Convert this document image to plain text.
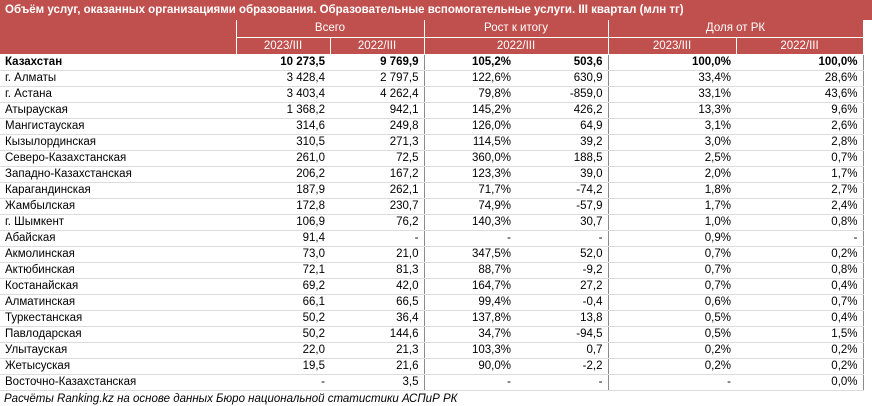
Объём услуг, оказанных организациями образования. Образовательные вспомогательные услуги. III квартал (млн тг)
	Всего		Рост к итогу		Доля от РК	
	2023/III	2022/III	2022/III		2023/III	2022/III
Казахстан	10 273,5	9 769,9	105,2%	503,6	100,0%	100,0%
г. Алматы	3 428,4	2 797,5	122,6%	630,9	33,4%	28,6%
г. Астана	3 403,4	4 262,4	79,8%	-859,0	33,1%	43,6%
Атырауская	1 368,2	942,1	145,2%	426,2	13,3%	9,6%
Мангистауская	314,6	249,8	126,0%	64,9	3,1%	2,6%
Кызылординская	310,5	271,3	114,5%	39,2	3,0%	2,8%
Северо-Казахстанская	261,0	72,5	360,0%	188,5	2,5%	0,7%
Западно-Казахстанская	206,2	167,2	123,3%	39,0	2,0%	1,7%
Карагандинская	187,9	262,1	71,7%	-74,2	1,8%	2,7%
Жамбылская	172,8	230,7	74,9%	-57,9	1,7%	2,4%
г. Шымкент	106,9	76,2	140,3%	30,7	1,0%	0,8%
Абайская	91,4	-	-	-	0,9%	-
Акмолинская	73,0	21,0	347,5%	52,0	0,7%	0,2%
Актюбинская	72,1	81,3	88,7%	-9,2	0,7%	0,8%
Костанайская	69,2	42,0	164,7%	27,2	0,7%	0,4%
Алматинская	66,1	66,5	99,4%	-0,4	0,6%	0,7%
Туркестанская	50,2	36,4	137,8%	13,8	0,5%	0,4%
Павлодарская	50,2	144,6	34,7%	-94,5	0,5%	1,5%
Улытауская	22,0	21,3	103,3%	0,7	0,2%	0,2%
Жетысуская	19,5	21,6	90,0%	-2,2	0,2%	0,2%
Восточно-Казахстанская	-	3,5	-	-	-	0,0%
Расчёты Ranking.kz на основе данных Бюро национальной статистики АСПиР РК
